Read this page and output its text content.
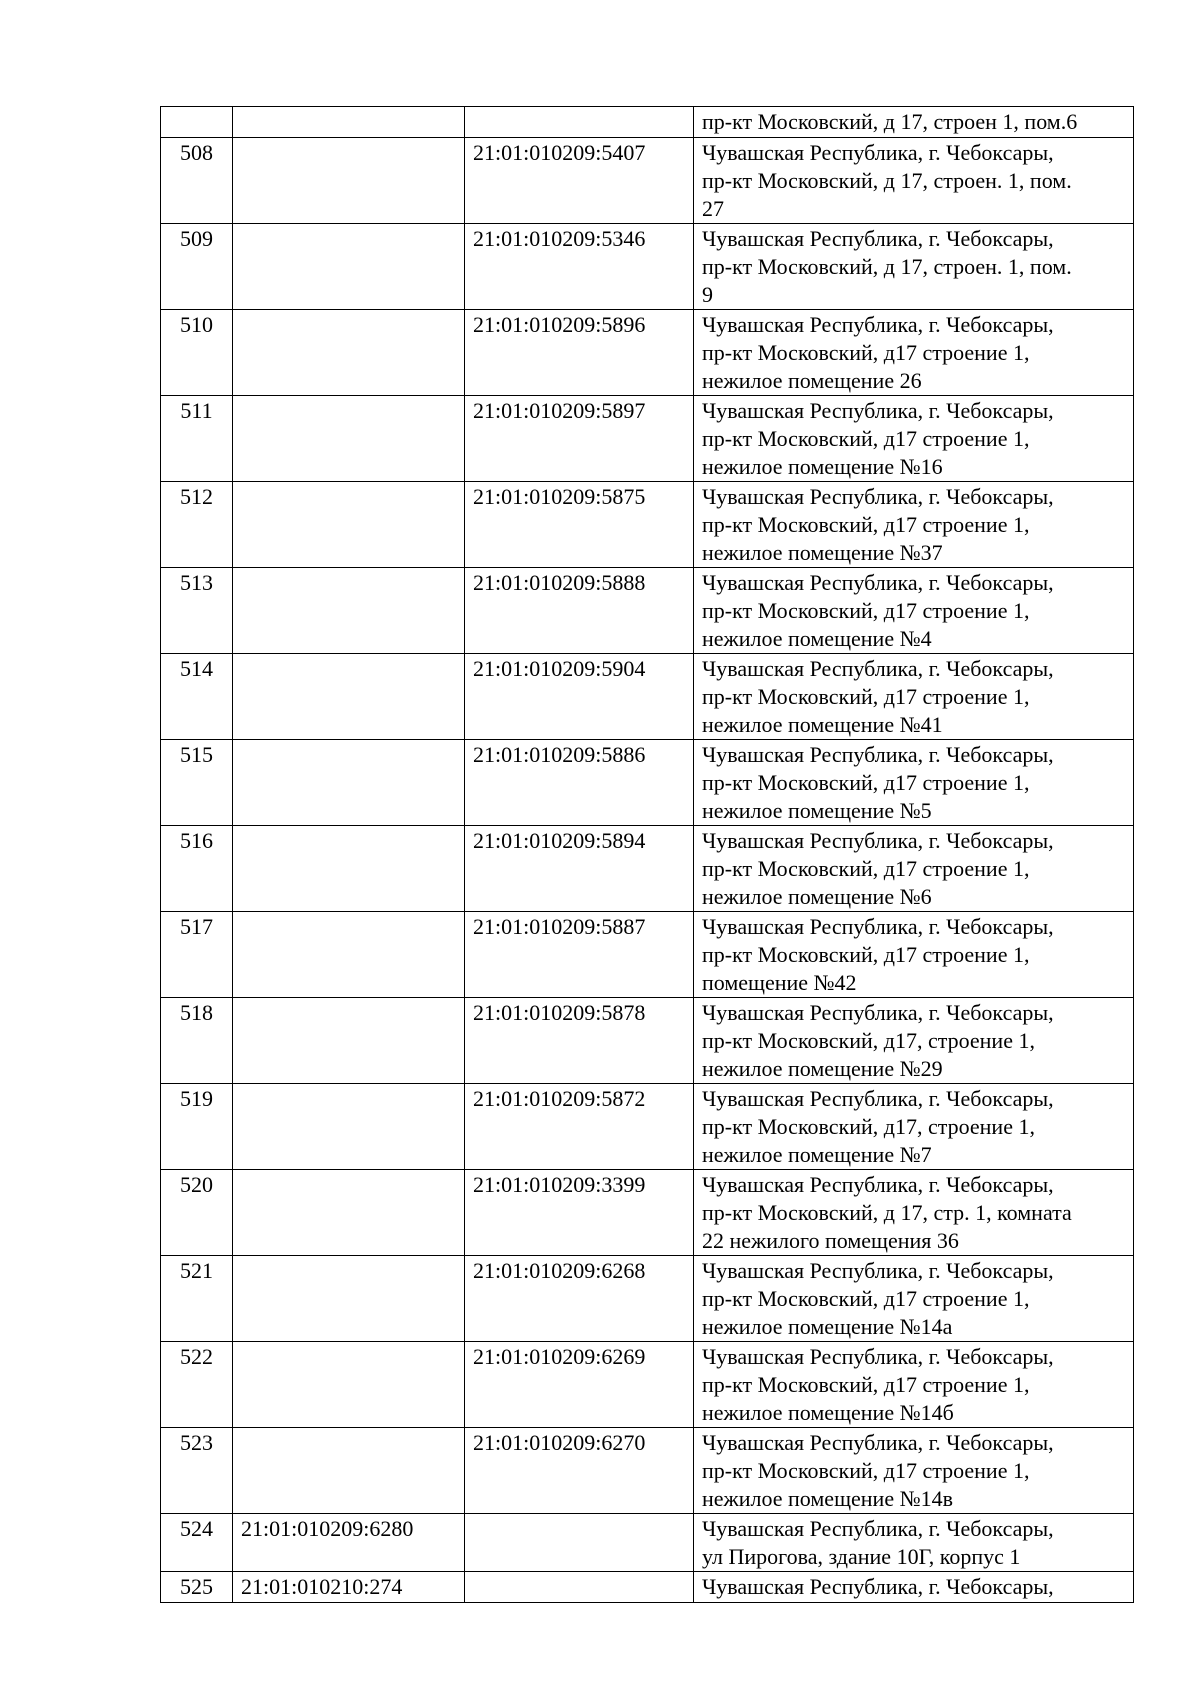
			пр-кт Московский, д 17, строен 1, пом.6

508		21:01:010209:5407	Чувашская Республика, г. Чебоксары,
пр-кт Московский, д 17, строен. 1, пом.
27

509		21:01:010209:5346	Чувашская Республика, г. Чебоксары,
пр-кт Московский, д 17, строен. 1, пом.
9

510		21:01:010209:5896	Чувашская Республика, г. Чебоксары,
пр-кт Московский, д17 строение 1,
нежилое помещение 26

511		21:01:010209:5897	Чувашская Республика, г. Чебоксары,
пр-кт Московский, д17 строение 1,
нежилое помещение №16

512		21:01:010209:5875	Чувашская Республика, г. Чебоксары,
пр-кт Московский, д17 строение 1,
нежилое помещение №37

513		21:01:010209:5888	Чувашская Республика, г. Чебоксары,
пр-кт Московский, д17 строение 1,
нежилое помещение №4

514		21:01:010209:5904	Чувашская Республика, г. Чебоксары,
пр-кт Московский, д17 строение 1,
нежилое помещение №41

515		21:01:010209:5886	Чувашская Республика, г. Чебоксары,
пр-кт Московский, д17 строение 1,
нежилое помещение №5

516		21:01:010209:5894	Чувашская Республика, г. Чебоксары,
пр-кт Московский, д17 строение 1,
нежилое помещение №6

517		21:01:010209:5887	Чувашская Республика, г. Чебоксары,
пр-кт Московский, д17 строение 1,
помещение №42

518		21:01:010209:5878	Чувашская Республика, г. Чебоксары,
пр-кт Московский, д17, строение 1,
нежилое помещение №29

519		21:01:010209:5872	Чувашская Республика, г. Чебоксары,
пр-кт Московский, д17, строение 1,
нежилое помещение №7

520		21:01:010209:3399	Чувашская Республика, г. Чебоксары,
пр-кт Московский, д 17, стр. 1, комната
22 нежилого помещения 36

521		21:01:010209:6268	Чувашская Республика, г. Чебоксары,
пр-кт Московский, д17 строение 1,
нежилое помещение №14а

522		21:01:010209:6269	Чувашская Республика, г. Чебоксары,
пр-кт Московский, д17 строение 1,
нежилое помещение №14б

523		21:01:010209:6270	Чувашская Республика, г. Чебоксары,
пр-кт Московский, д17 строение 1,
нежилое помещение №14в

524	21:01:010209:6280		Чувашская Республика, г. Чебоксары,
ул Пирогова, здание 10Г, корпус 1

525	21:01:010210:274		Чувашская Республика, г. Чебоксары,
